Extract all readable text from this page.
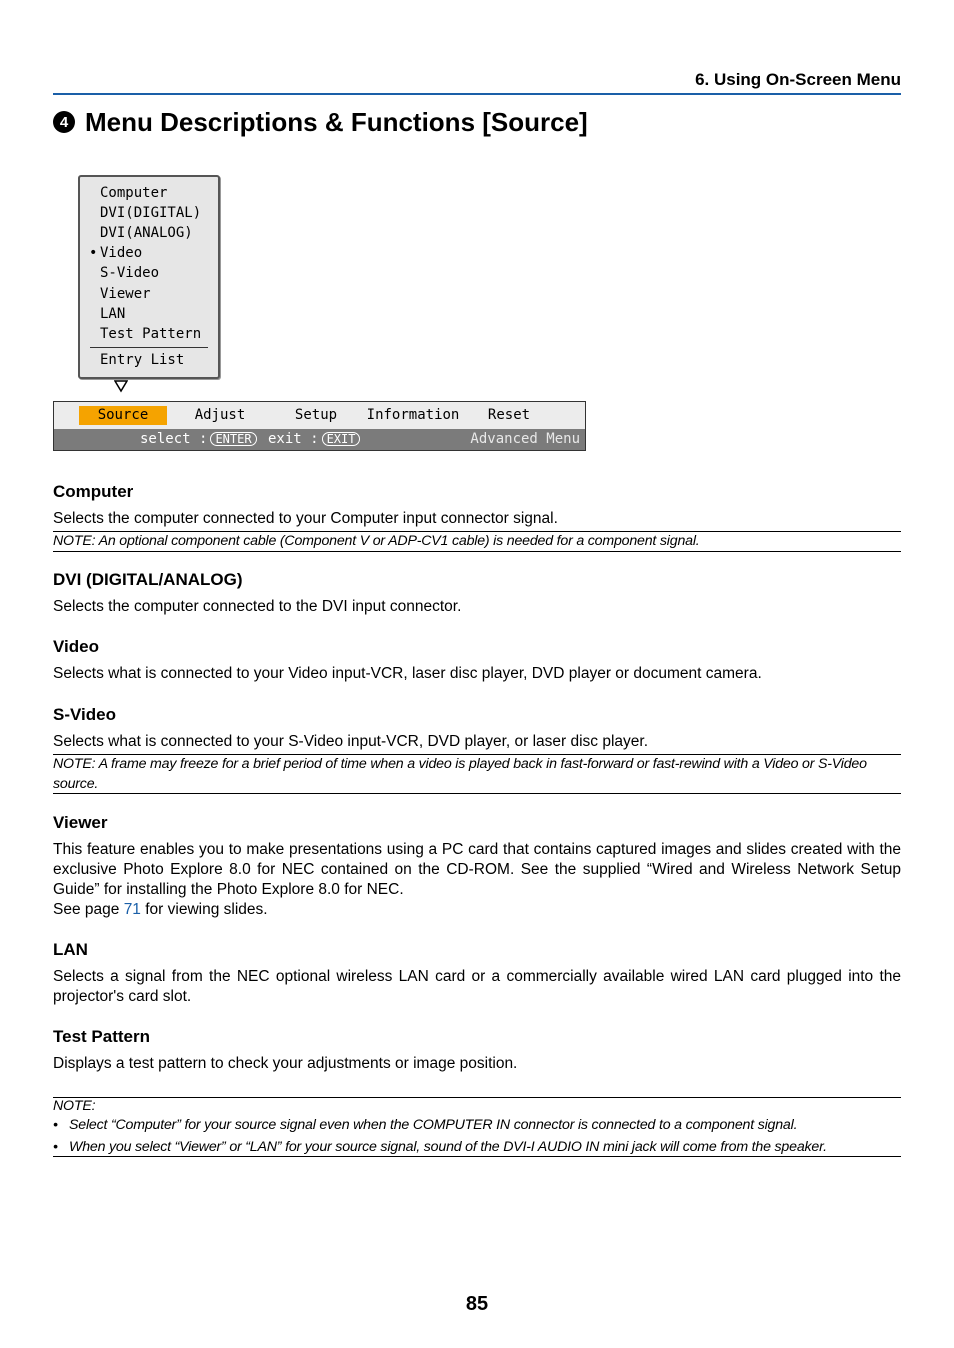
6. Using On-Screen Menu
4 Menu Descriptions & Functions [Source]
Computer
DVI(DIGITAL)
DVI(ANALOG)
• Video
S-Video
Viewer
LAN
Test Pattern
Entry List
Source	Adjust	Setup	Information	Reset
select : ENTER	exit : EXIT	Advanced Menu
Computer
Selects the computer connected to your Computer input connector signal.
NOTE: An optional component cable (Component V or ADP-CV1 cable) is needed for a component signal.
DVI (DIGITAL/ANALOG)
Selects the computer connected to the DVI input connector.
Video
Selects what is connected to your Video input-VCR, laser disc player, DVD player or document camera.
S-Video
Selects what is connected to your S-Video input-VCR, DVD player, or laser disc player.
NOTE: A frame may freeze for a brief period of time when a video is played back in fast-forward or fast-rewind with a Video or S-Video source.
Viewer
This feature enables you to make presentations using a PC card that contains captured images and slides created with the exclusive Photo Explore 8.0 for NEC contained on the CD-ROM. See the supplied “Wired and Wireless Network Setup Guide” for installing the Photo Explore 8.0 for NEC.
See page 71 for viewing slides.
LAN
Selects a signal from the NEC optional wireless LAN card or a commercially available wired LAN card plugged into the projector's card slot.
Test Pattern
Displays a test pattern to check your adjustments or image position.
NOTE:
• Select “Computer” for your source signal even when the COMPUTER IN connector is connected to a component signal.
• When you select “Viewer” or “LAN” for your source signal, sound of the DVI-I AUDIO IN mini jack will come from the speaker.
85
